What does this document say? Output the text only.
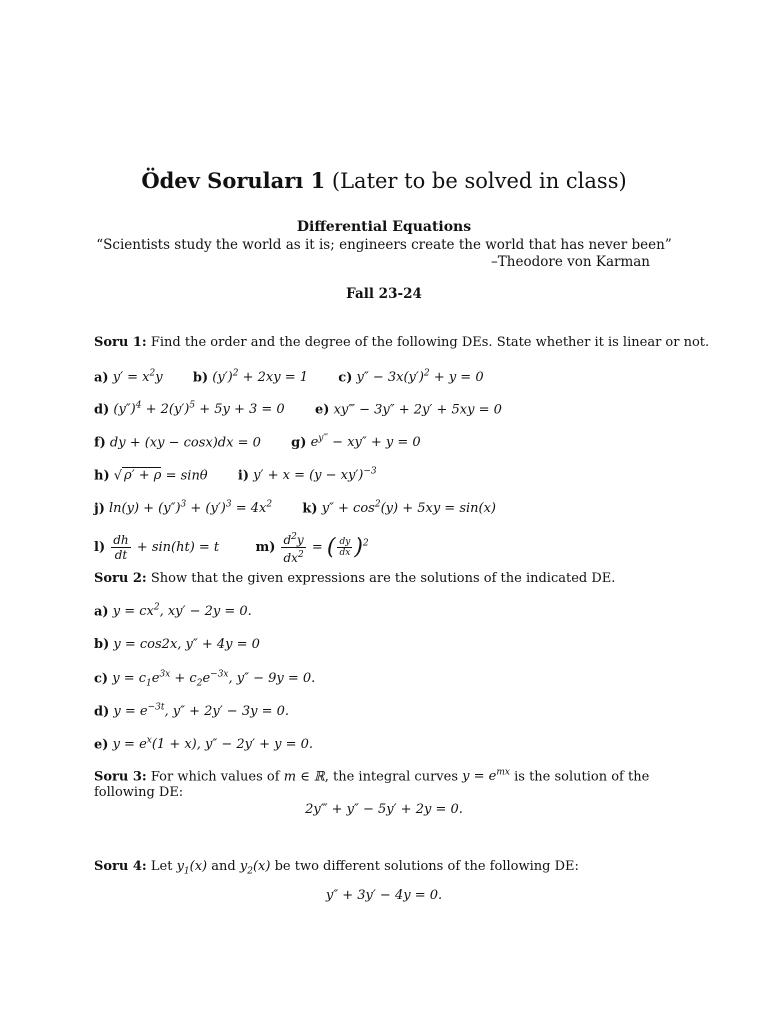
Ödev Soruları 1 (Later to be solved in class)
Differential Equations
“Scientists study the world as it is; engineers create the world that has never been”
–Theodore von Karman
Fall 23-24
Soru 1: Find the order and the degree of the following DEs. State whether it is linear or not.
a) $y' = x^2y$ b) $(y')^2 + 2xy = 1$ c) $y'' - 3x(y')^2 + y = 0$
d) $(y'')^4 + 2(y')^5 + 5y + 3 = 0$ e) xy‴ − 3y″ + 2y′ + 5xy = 0
f) dy + (xy − cosx)dx = 0 g) $e^{y‴} - xy'' + y = 0$
h) √ ρ′ + ρ = sinθ i) $y' + x = (y - xy')^{-3}$
j) $\ln(y) + (y'')^3 + (y')^3 = 4x^2$ k) $y'' + \cos^2(y) + 5xy = \sin(x)$
$l) \frac{dh}{dt} + \sin(ht) = t$	$m) \frac{d^2y}{dx^2}$ = ( $\frac{dy}{dx} )^2$
Soru 2: Show that the given expressions are the solutions of the indicated DE.
a) $y = cx^2$, xy′ − 2y = 0.
b) y = cos2x, y″ + 4y = 0
c) $y = c_1e^{3x} + c_2e^{-3x}$, y″ − 9y = 0.
d) $y = e^{-3t}$, y″ + 2y′ − 3y = 0.
e) $y = e^x(1 + x)$, y″ − 2y′ + y = 0.
Soru 3: For which values of m ∈ ℝ, the integral curves $y = e^{mx}$ is the solution of the
following DE:
2y‴ + y″ − 5y′ + 2y = 0.
Soru 4: Let $y_1(x)$ and $y_2(x)$ be two different solutions of the following DE:
y″ + 3y′ − 4y = 0.
